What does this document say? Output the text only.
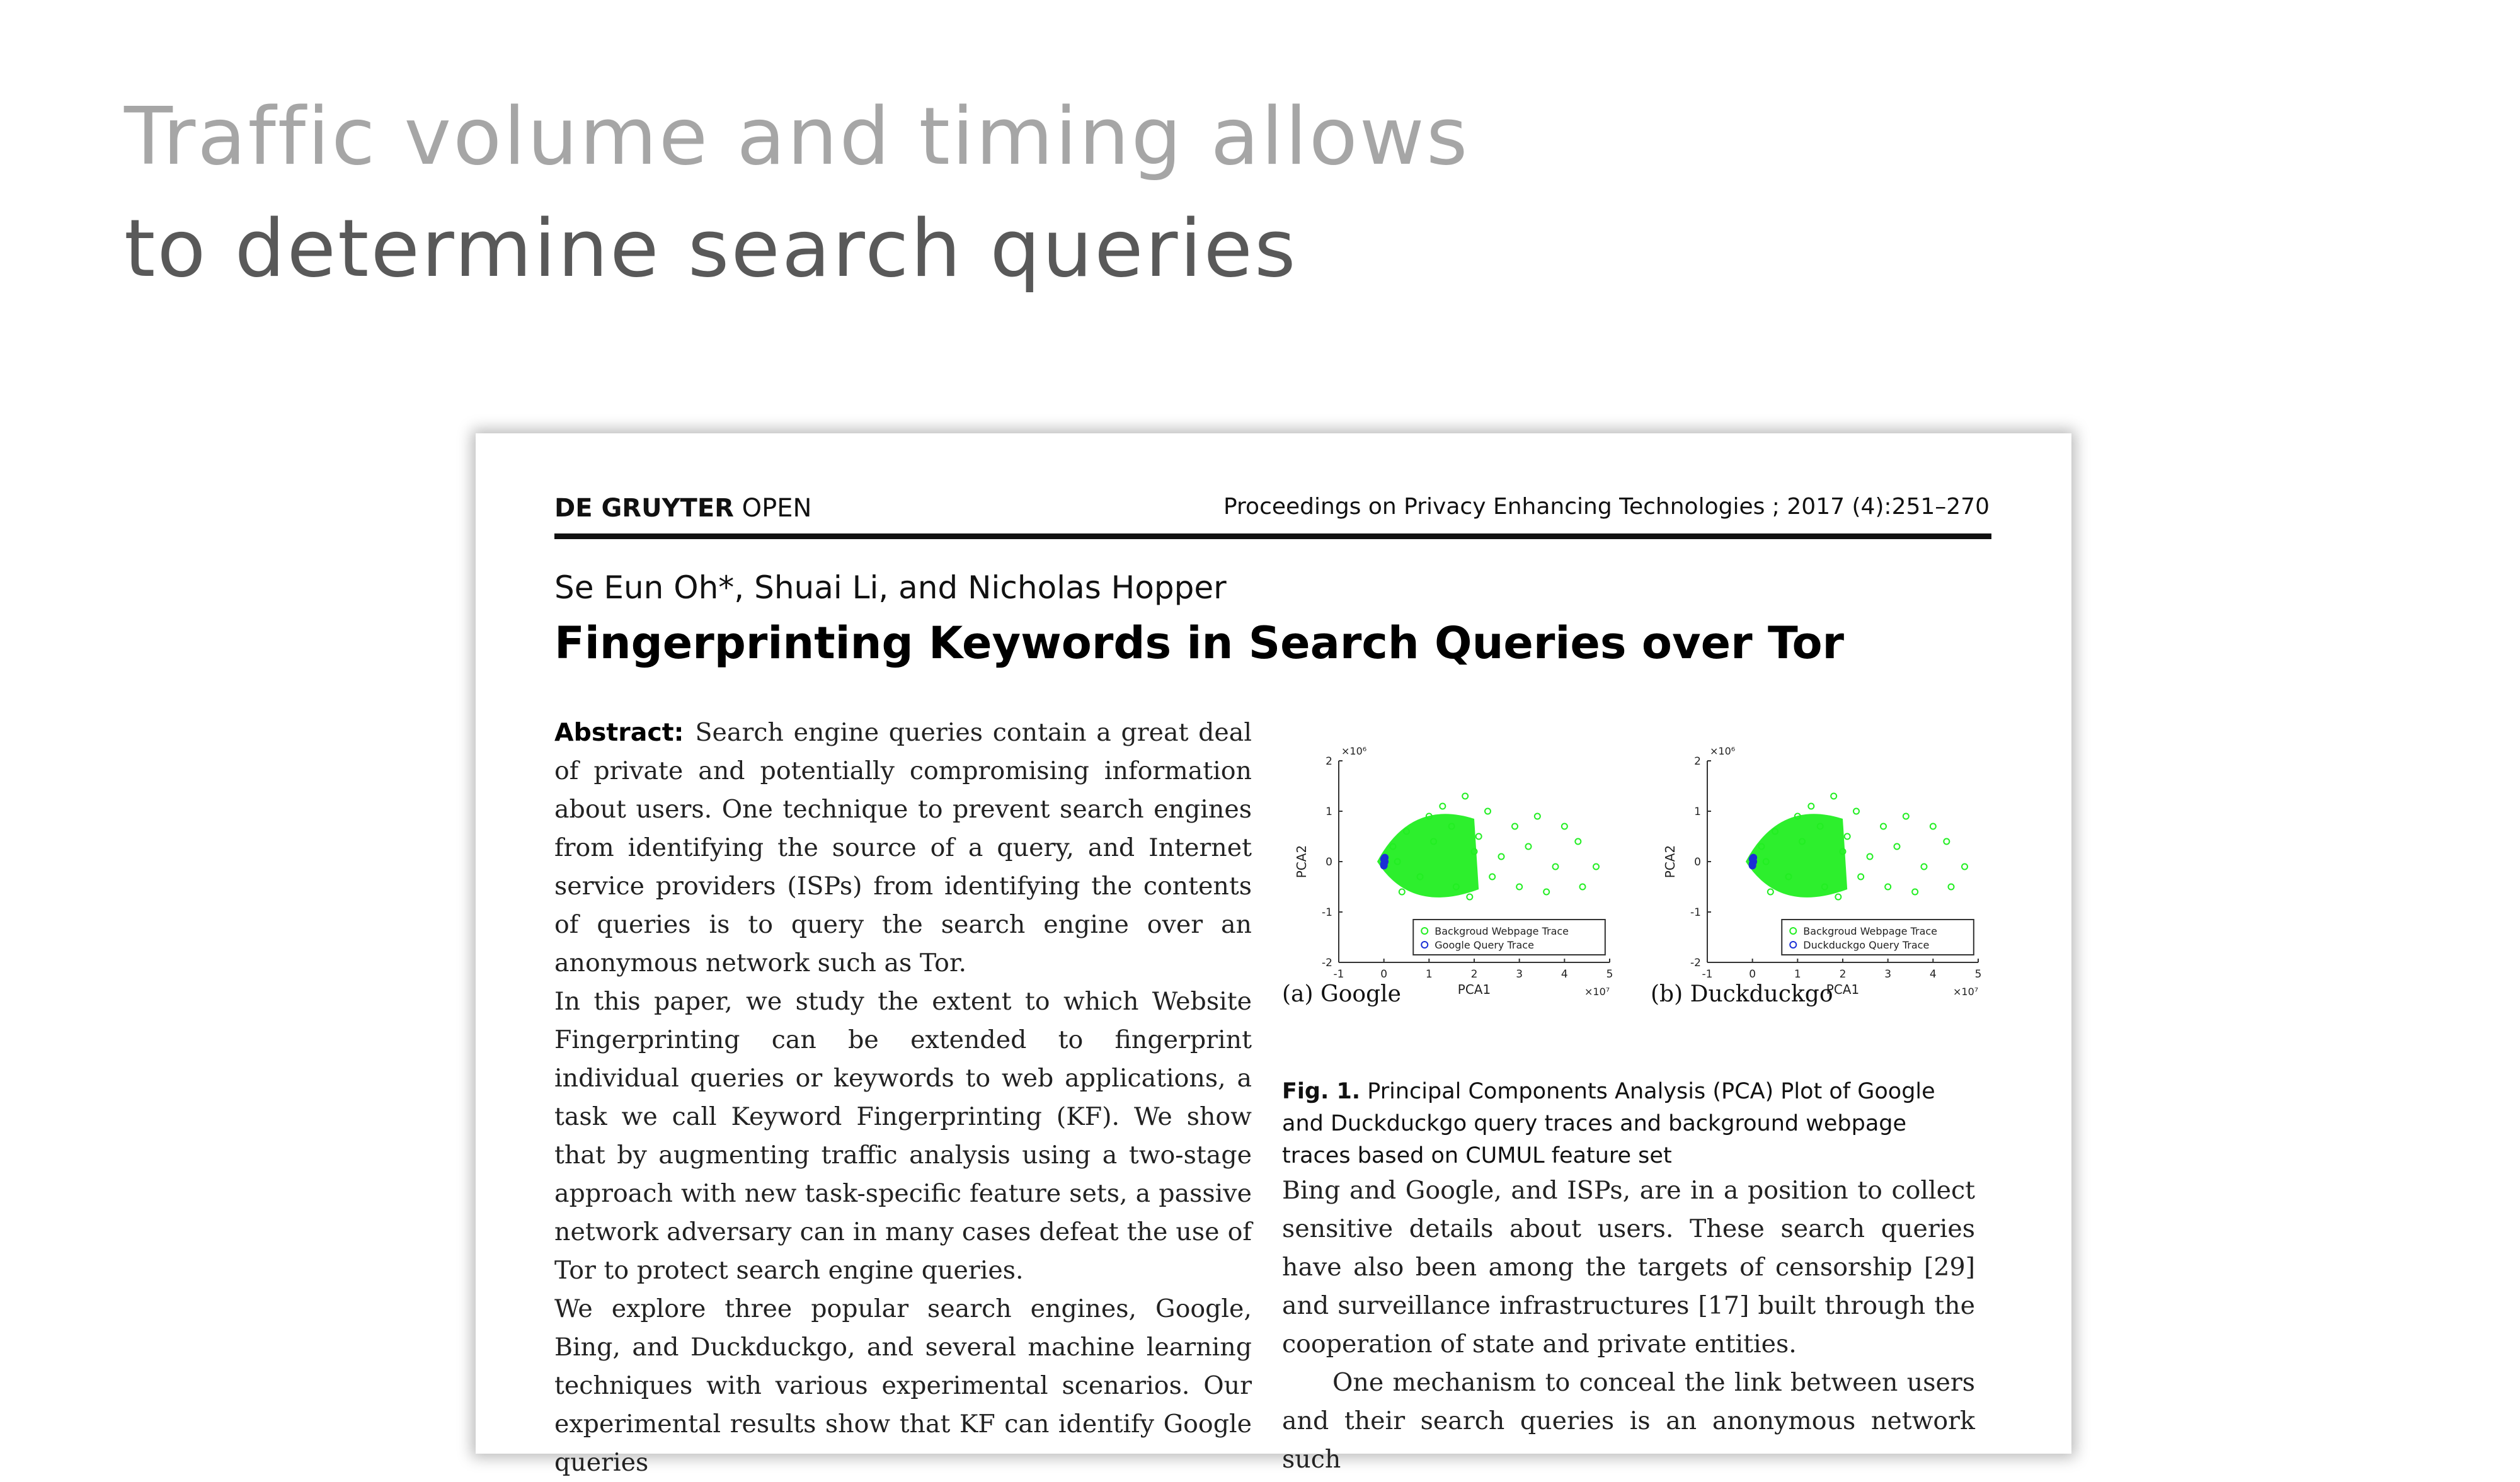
Traffic volume and timing allows
to determine search queries
DE GRUYTER OPEN	Proceedings on Privacy Enhancing Technologies ; 2017 (4):251–270
Se Eun Oh*, Shuai Li, and Nicholas Hopper
Fingerprinting Keywords in Search Queries over Tor

Abstract: Search engine queries contain a great deal of private and potentially compromising information about users. One technique to prevent search engines from identifying the source of a query, and Internet service providers (ISPs) from identifying the contents of queries is to query the search engine over an anonymous network such as Tor.

In this paper, we study the extent to which Website Fingerprinting can be extended to fingerprint individual queries or keywords to web applications, a task we call Keyword Fingerprinting (KF). We show that by augmenting traffic analysis using a two-stage approach with new task-specific feature sets, a passive network adversary can in many cases defeat the use of Tor to protect search engine queries.

We explore three popular search engines, Google, Bing, and Duckduckgo, and several machine learning techniques with various experimental scenarios. Our experimental results show that KF can identify Google queries

-1	0	1	2	3	4	5
-2
-1
0
1
2
PCA1
PCA2
×10⁶
×10⁷
Backgroud Webpage Trace
Google Query Trace
(a) Google
-1	0	1	2	3	4	5
-2
-1
0
1
2
PCA1
PCA2
×10⁶
×10⁷
Backgroud Webpage Trace
Duckduckgo Query Trace
(b) Duckduckgo
Fig. 1. Principal Components Analysis (PCA) Plot of Google and Duckduckgo query traces and background webpage traces based on CUMUL feature set

Bing and Google, and ISPs, are in a position to collect sensitive details about users. These search queries have also been among the targets of censorship [29] and surveillance infrastructures [17] built through the cooperation of state and private entities.

One mechanism to conceal the link between users and their search queries is an anonymous network such
